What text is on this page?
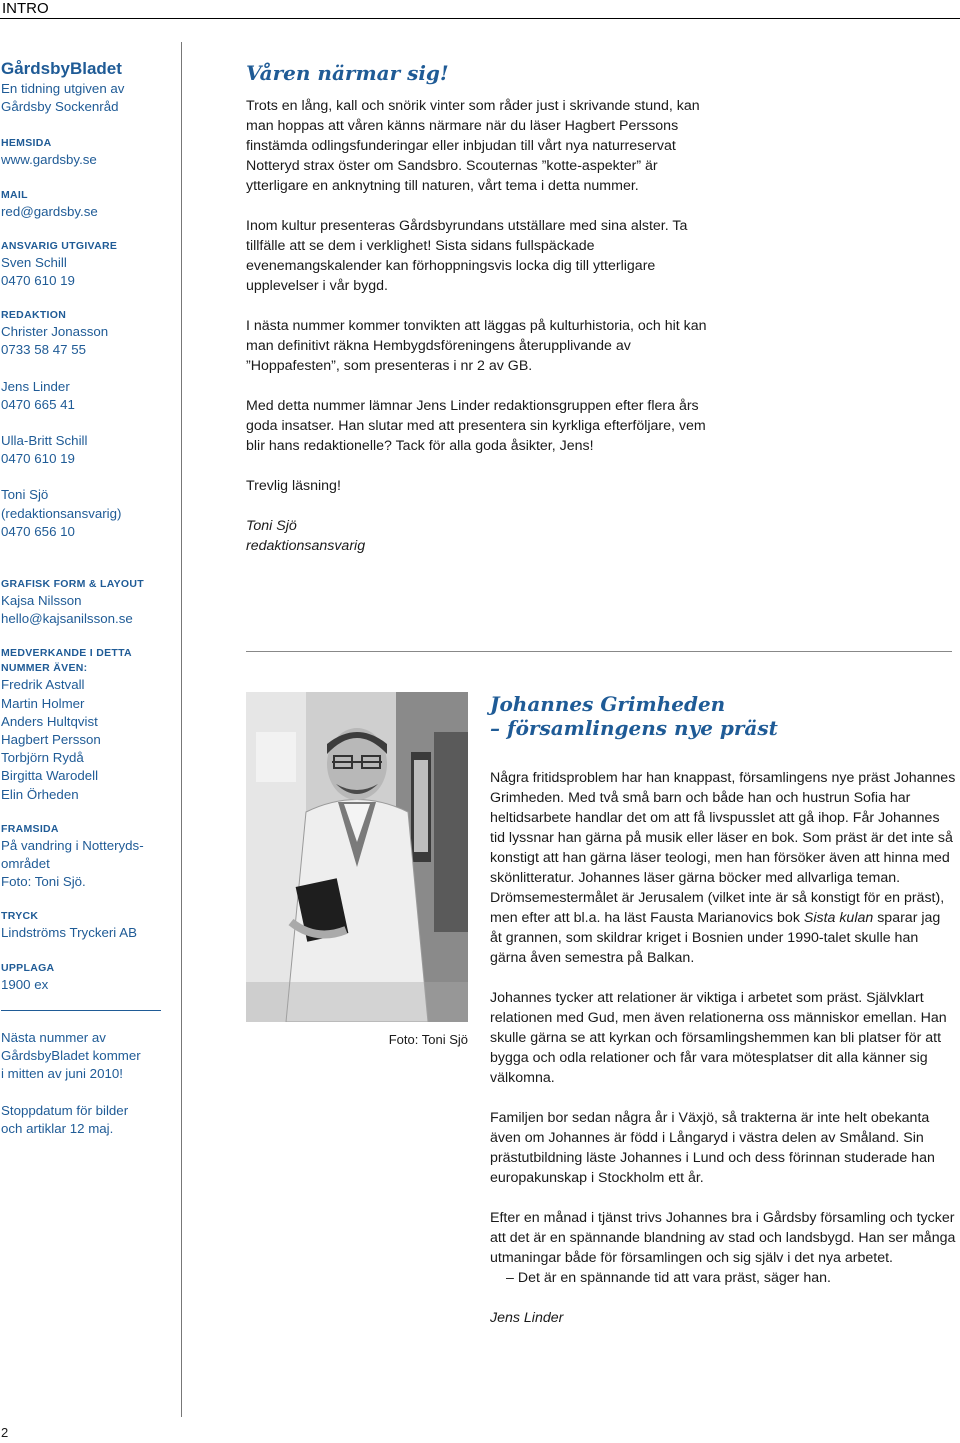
INTRO
GårdsbyBladet
En tidning utgiven av
Gårdsby Sockenråd
HEMSIDA
www.gardsby.se
MAIL
red@gardsby.se
ANSVARIG UTGIVARE
Sven Schill
0470 610 19
REDAKTION
Christer Jonasson
0733 58 47 55
Jens Linder
0470 665 41
Ulla-Britt Schill
0470 610 19
Toni Sjö
(redaktionsansvarig)
0470 656 10
GRAFISK FORM & LAYOUT
Kajsa Nilsson
hello@kajsanilsson.se
MEDVERKANDE I DETTA
NUMMER ÄVEN:
Fredrik Astvall
Martin Holmer
Anders Hultqvist
Hagbert Persson
Torbjörn Rydå
Birgitta Warodell
Elin Örheden
FRAMSIDA
På vandring i Notteryds-
området
Foto: Toni Sjö.
TRYCK
Lindströms Tryckeri AB
UPPLAGA
1900 ex
Nästa nummer av
GårdsbyBladet kommer
i mitten av juni 2010!
Stoppdatum för bilder
och artiklar 12 maj.
Våren närmar sig!

Trots en lång, kall och snörik vinter som råder just i skrivande stund, kan man hoppas att våren känns närmare när du läser Hagbert Perssons finstämda odlingsfunderingar eller inbjudan till vårt nya naturreservat Notteryd strax öster om Sandsbro. Scouternas ”kotte-aspekter” är ytterligare en anknytning till naturen, vårt tema i detta nummer.

Inom kultur presenteras Gårdsbyrundans utställare med sina alster. Ta tillfälle att se dem i verklighet! Sista sidans fullspäckade evenemangskalender kan förhoppningsvis locka dig till ytterligare upplevelser i vår bygd.

I nästa nummer kommer tonvikten att läggas på kulturhistoria, och hit kan man definitivt räkna Hembygdsföreningens återupplivande av ”Hoppafesten”, som presenteras i nr 2 av GB.

Med detta nummer lämnar Jens Linder redaktionsgruppen efter flera års goda insatser. Han slutar med att presentera sin kyrkliga efterföljare, vem blir hans redaktionelle? Tack för alla goda åsikter, Jens!

Trevlig läsning!

Toni Sjö
redaktionsansvarig
Foto: Toni Sjö
Johannes Grimheden
– församlingens nye präst

Några fritidsproblem har han knappast, församlingens nye präst Johannes Grimheden. Med två små barn och både han och hustrun Sofia har heltidsarbete handlar det om att få livspusslet att gå ihop. Får Johannes tid lyssnar han gärna på musik eller läser en bok. Som präst är det inte så konstigt att han gärna läser teologi, men han försöker även att hinna med skönlitteratur. Johannes läser gärna böcker med allvarliga teman. Drömsemestermålet är Jerusalem (vilket inte är så konstigt för en präst), men efter att bl.a. ha läst Fausta Marianovics bok Sista kulan sparar jag åt grannen, som skildrar kriget i Bosnien under 1990-talet skulle han gärna åven semestra på Balkan.

Johannes tycker att relationer är viktiga i arbetet som präst. Självklart relationen med Gud, men även relationerna oss människor emellan. Han skulle gärna se att kyrkan och församlingshemmen kan bli platser för att bygga och odla relationer och får vara mötesplatser dit alla känner sig välkomna.

Familjen bor sedan några år i Växjö, så trakterna är inte helt obekanta även om Johannes är född i Långaryd i västra delen av Småland. Sin prästutbildning läste Johannes i Lund och dess förinnan studerade han europakunskap i Stockholm ett år.

Efter en månad i tjänst trivs Johannes bra i Gårdsby församling och tycker att det är en spännande blandning av stad och landsbygd. Han ser många utmaningar både för församlingen och sig själv i det nya arbetet.

– Det är en spännande tid att vara präst, säger han.

Jens Linder
2
